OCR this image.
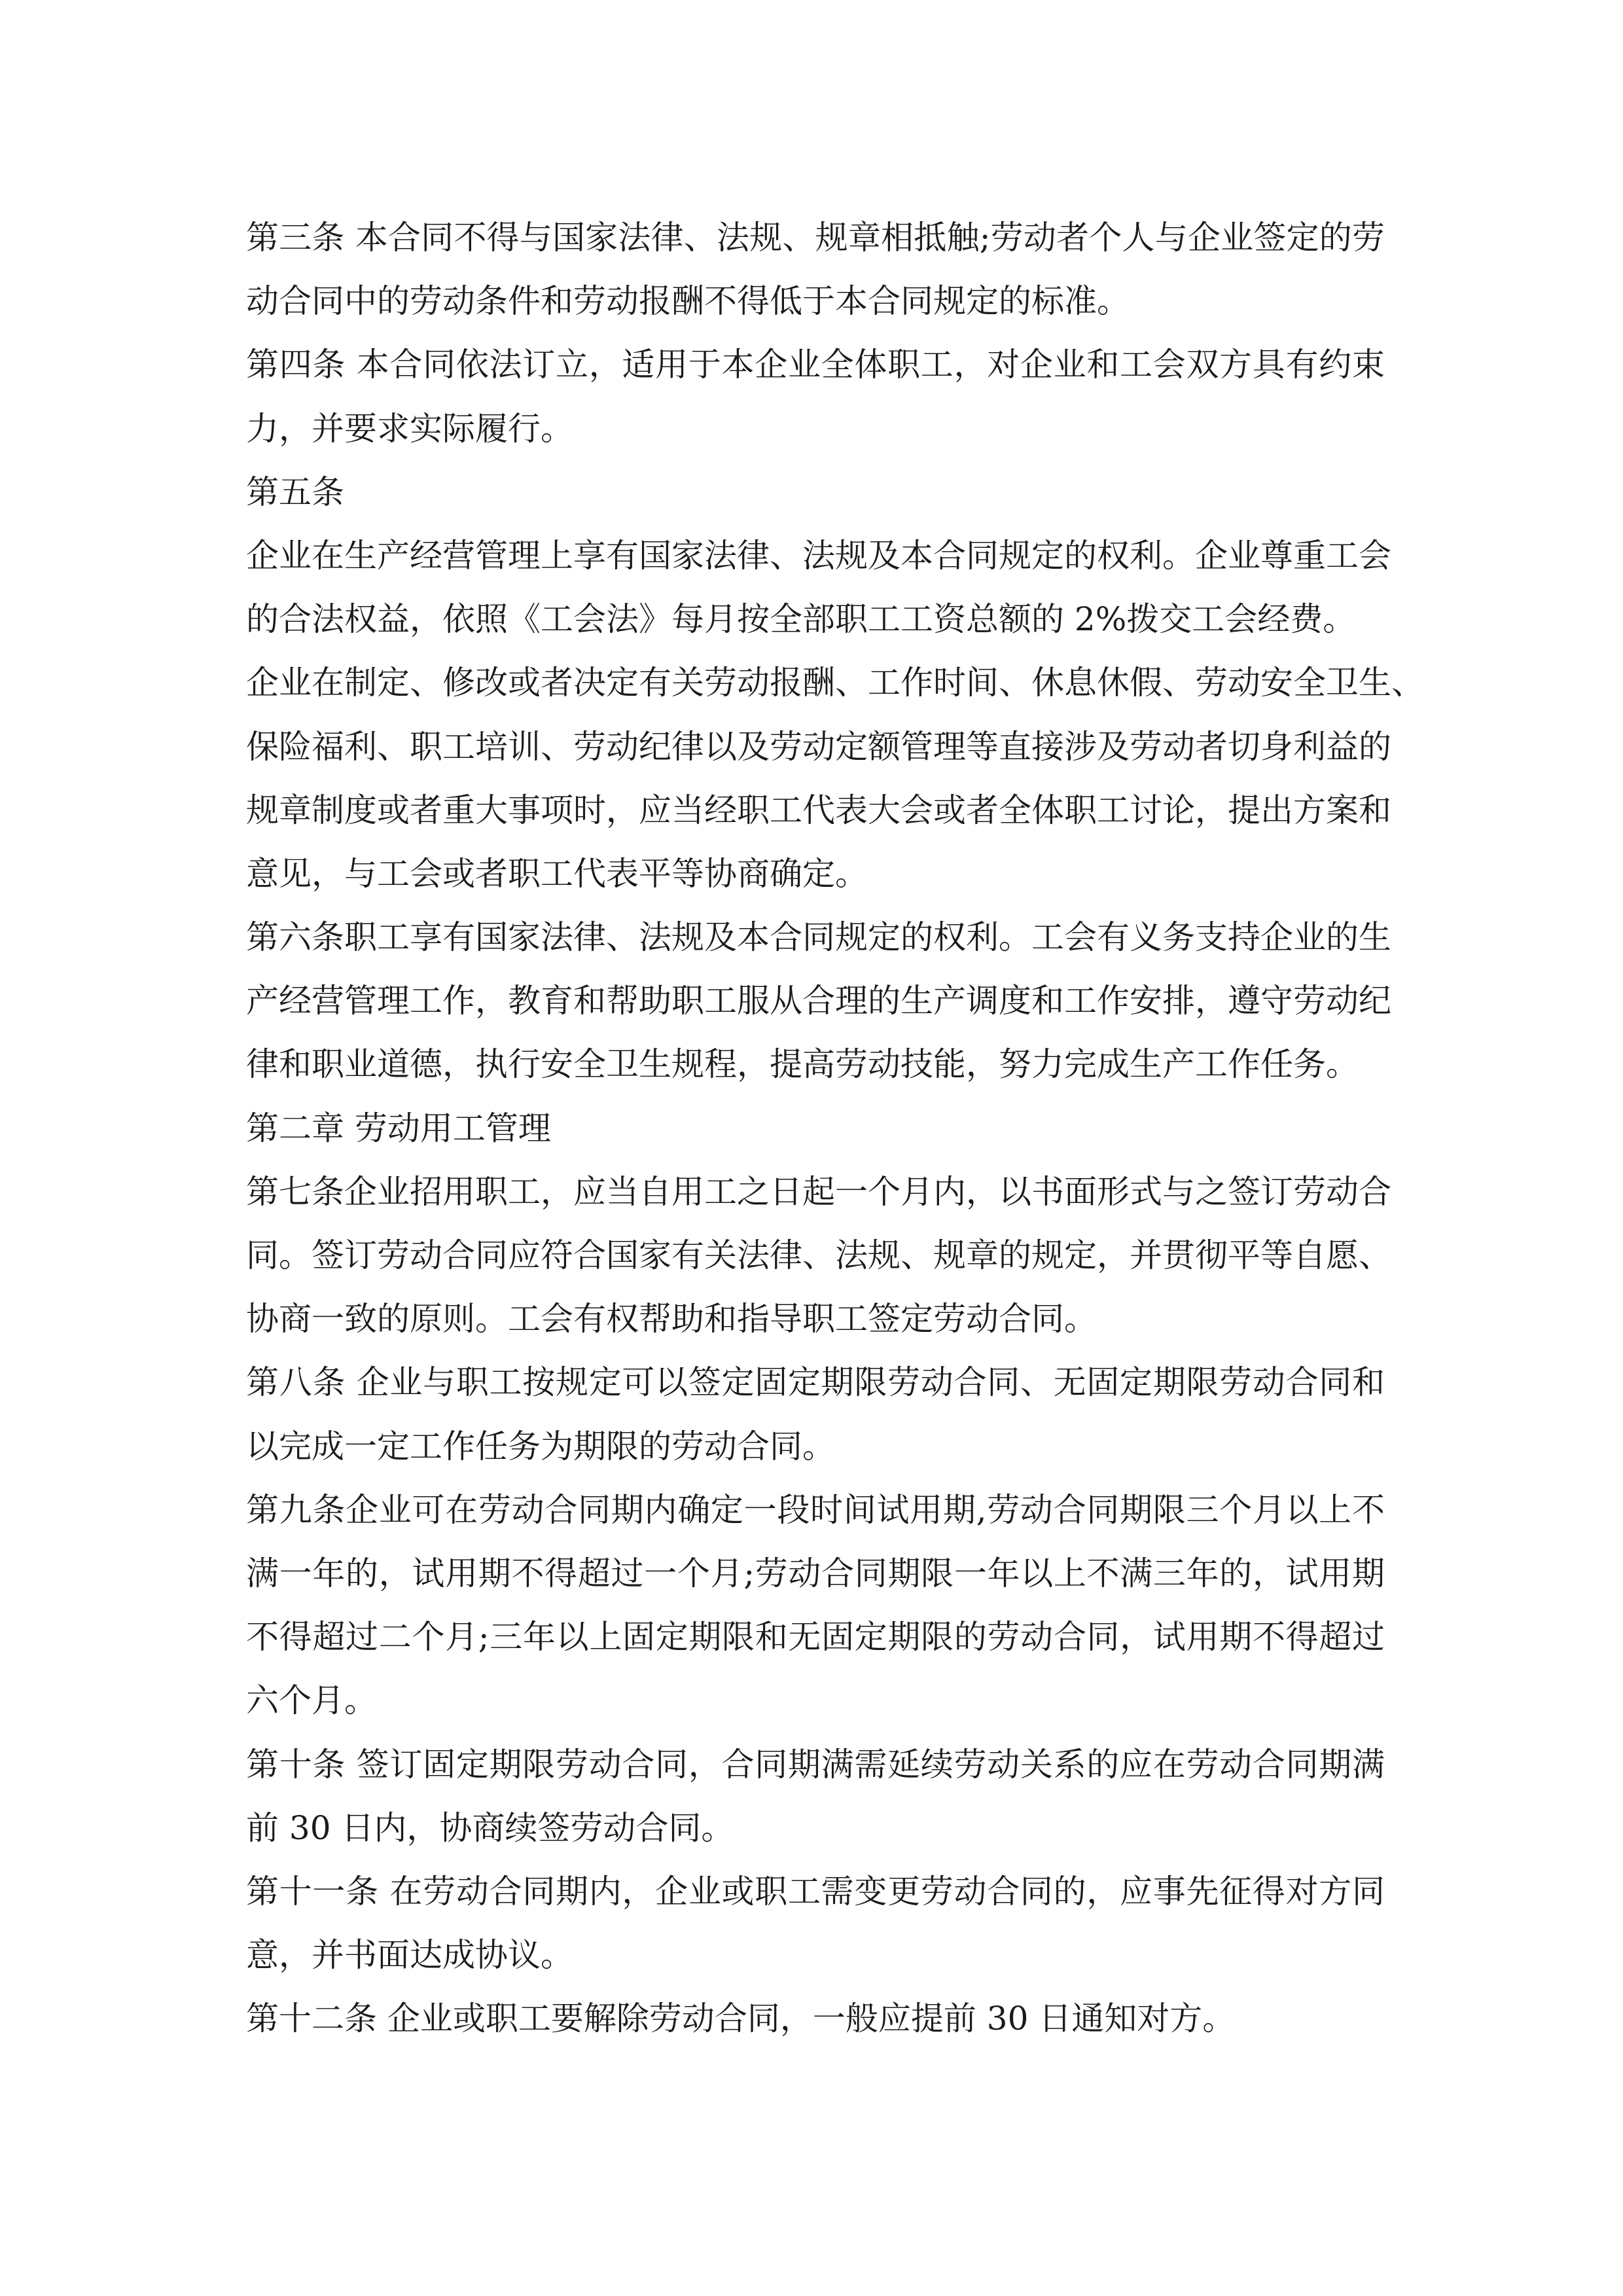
第三条 本合同不得与国家法律、法规、规章相抵触;劳动者个人与企业签定的劳
动合同中的劳动条件和劳动报酬不得低于本合同规定的标准。
第四条 本合同依法订立，适用于本企业全体职工，对企业和工会双方具有约束
力，并要求实际履行。
第五条
企业在生产经营管理上享有国家法律、法规及本合同规定的权利。企业尊重工会
的合法权益，依照《工会法》每月按全部职工工资总额的 2%拨交工会经费。
企业在制定、修改或者决定有关劳动报酬、工作时间、休息休假、劳动安全卫生、
保险福利、职工培训、劳动纪律以及劳动定额管理等直接涉及劳动者切身利益的
规章制度或者重大事项时，应当经职工代表大会或者全体职工讨论，提出方案和
意见，与工会或者职工代表平等协商确定。
第六条职工享有国家法律、法规及本合同规定的权利。工会有义务支持企业的生
产经营管理工作，教育和帮助职工服从合理的生产调度和工作安排，遵守劳动纪
律和职业道德，执行安全卫生规程，提高劳动技能，努力完成生产工作任务。
第二章 劳动用工管理
第七条企业招用职工，应当自用工之日起一个月内，以书面形式与之签订劳动合
同。签订劳动合同应符合国家有关法律、法规、规章的规定，并贯彻平等自愿、
协商一致的原则。工会有权帮助和指导职工签定劳动合同。
第八条 企业与职工按规定可以签定固定期限劳动合同、无固定期限劳动合同和
以完成一定工作任务为期限的劳动合同。
第九条企业可在劳动合同期内确定一段时间试用期,劳动合同期限三个月以上不
满一年的，试用期不得超过一个月;劳动合同期限一年以上不满三年的，试用期
不得超过二个月;三年以上固定期限和无固定期限的劳动合同，试用期不得超过
六个月。
第十条 签订固定期限劳动合同，合同期满需延续劳动关系的应在劳动合同期满
前 30 日内，协商续签劳动合同。
第十一条 在劳动合同期内，企业或职工需变更劳动合同的，应事先征得对方同
意，并书面达成协议。
第十二条 企业或职工要解除劳动合同，一般应提前 30 日通知对方。
